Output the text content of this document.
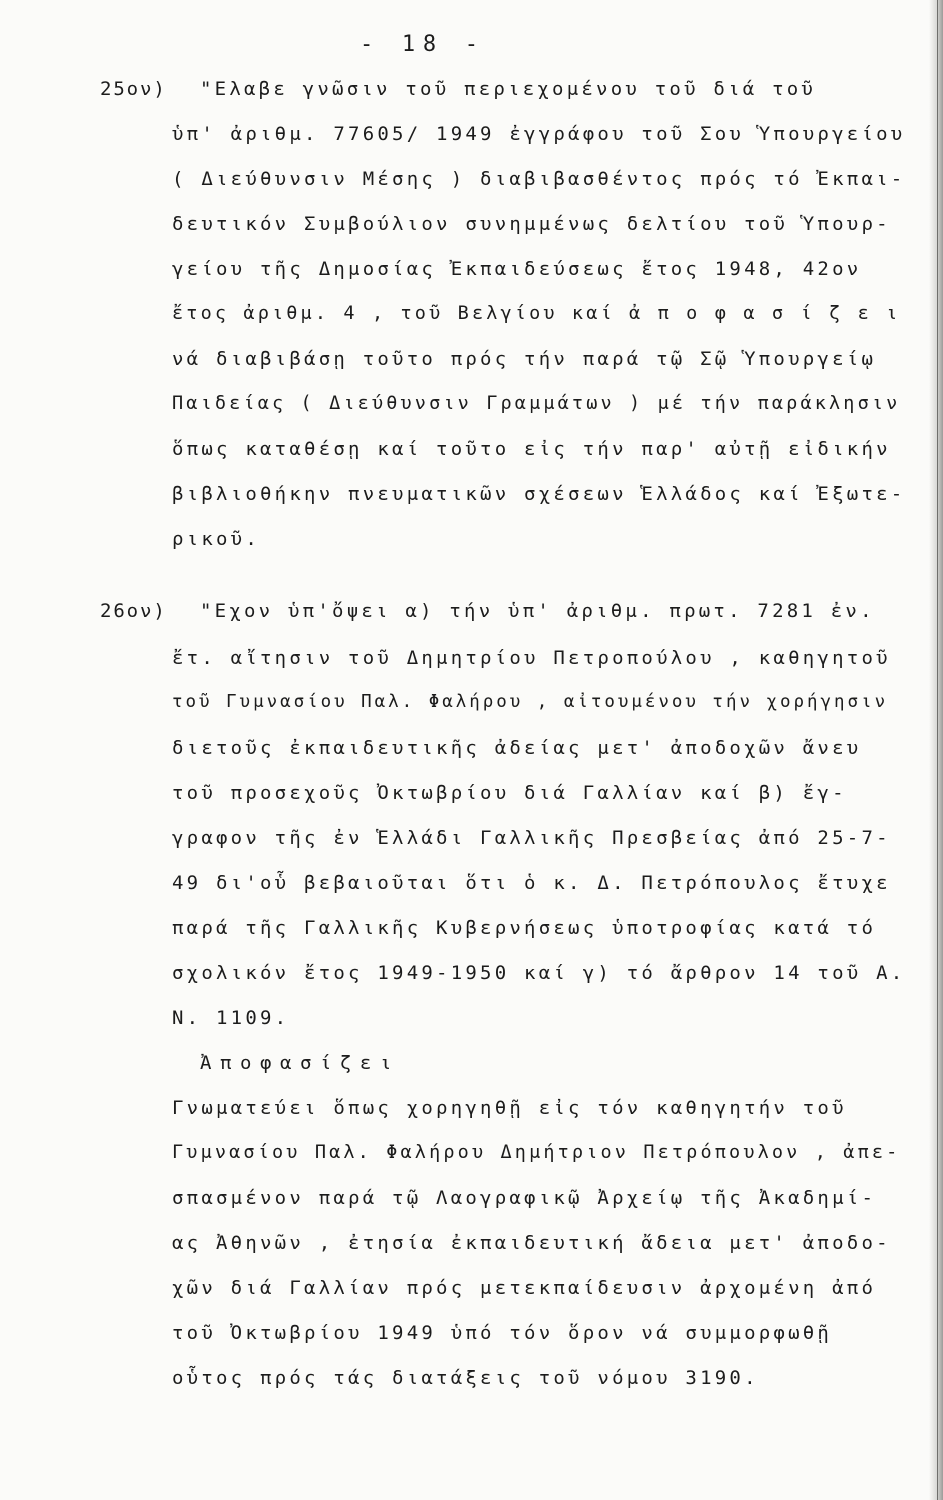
- 18 -
25ον) "Ελαβε γνῶσιν τοῦ περιεχομένου τοῦ διά τοῦ
ὑπ' ἀριθμ. 77605/ 1949 ἐγγράφου τοῦ Σου Ὑπουργείου
( Διεύθυνσιν Μέσης ) διαβιβασθέντος πρός τό Ἐκπαι-
δευτικόν Συμβούλιον συνημμένως δελτίου τοῦ Ὑπουρ-
γείου τῆς Δημοσίας Ἐκπαιδεύσεως ἔτος 1948, 42ον
ἔτος ἀριθμ. 4 , τοῦ Βελγίου καί ἀ π ο φ α σ ί ζ ε ι
νά διαβιβάσῃ τοῦτο πρός τήν παρά τῷ Σῷ Ὑπουργείῳ
Παιδείας ( Διεύθυνσιν Γραμμάτων ) μέ τήν παράκλησιν
ὅπως καταθέσῃ καί τοῦτο εἰς τήν παρ' αὐτῇ εἰδικήν
βιβλιοθήκην πνευματικῶν σχέσεων Ἑλλάδος καί Ἐξωτε-
ρικοῦ.
26ον) "Εχον ὑπ'ὄψει α) τήν ὑπ' ἀριθμ. πρωτ. 7281 ἐν.
ἔτ. αἴτησιν τοῦ Δημητρίου Πετροπούλου , καθηγητοῦ
τοῦ Γυμνασίου Παλ. Φαλήρου , αἰτουμένου τήν χορήγησιν
διετοῦς ἐκπαιδευτικῆς ἀδείας μετ' ἀποδοχῶν ἄνευ
τοῦ προσεχοῦς Ὀκτωβρίου διά Γαλλίαν καί β) ἔγ-
γραφον τῆς ἐν Ἑλλάδι Γαλλικῆς Πρεσβείας ἀπό 25-7-
49 δι'οὗ βεβαιοῦται ὅτι ὁ κ. Δ. Πετρόπουλος ἔτυχε
παρά τῆς Γαλλικῆς Κυβερνήσεως ὑποτροφίας κατά τό
σχολικόν ἔτος 1949-1950 καί γ) τό ἄρθρον 14 τοῦ Α.
Ν. 1109.
Ἀποφασίζει
Γνωματεύει ὅπως χορηγηθῇ εἰς τόν καθηγητήν τοῦ
Γυμνασίου Παλ. Φαλήρου Δημήτριον Πετρόπουλον , ἀπε-
σπασμένον παρά τῷ Λαογραφικῷ Ἀρχείῳ τῆς Ἀκαδημί-
ας Ἀθηνῶν , ἐτησία ἐκπαιδευτική ἄδεια μετ' ἀποδο-
χῶν διά Γαλλίαν πρός μετεκπαίδευσιν ἀρχομένη ἀπό
τοῦ Ὀκτωβρίου 1949 ὑπό τόν ὅρον νά συμμορφωθῇ
οὗτος πρός τάς διατάξεις τοῦ νόμου 3190.
